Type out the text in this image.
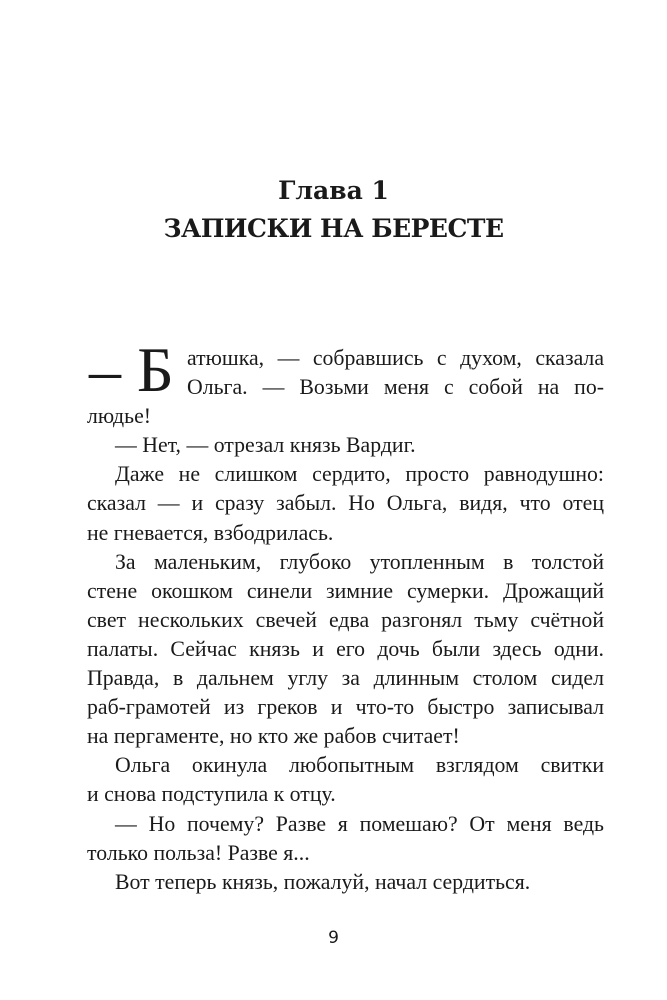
Глава 1
ЗАПИСКИ НА БЕРЕСТЕ
– Б атюшка, — собравшись с духом, сказала
Ольга. — Возьми меня с собой на по-
людье!
— Нет, — отрезал князь Вардиг.
Даже не слишком сердито, просто равнодушно:
сказал — и сразу забыл. Но Ольга, видя, что отец
не гневается, взбодрилась.
За маленьким, глубоко утопленным в толстой
стене окошком синели зимние сумерки. Дрожащий
свет нескольких свечей едва разгонял тьму счётной
палаты. Сейчас князь и его дочь были здесь одни.
Правда, в дальнем углу за длинным столом сидел
раб-грамотей из греков и что-то быстро записывал
на пергаменте, но кто же рабов считает!
Ольга окинула любопытным взглядом свитки
и снова подступила к отцу.
— Но почему? Разве я помешаю? От меня ведь
только польза! Разве я...
Вот теперь князь, пожалуй, начал сердиться.
9
